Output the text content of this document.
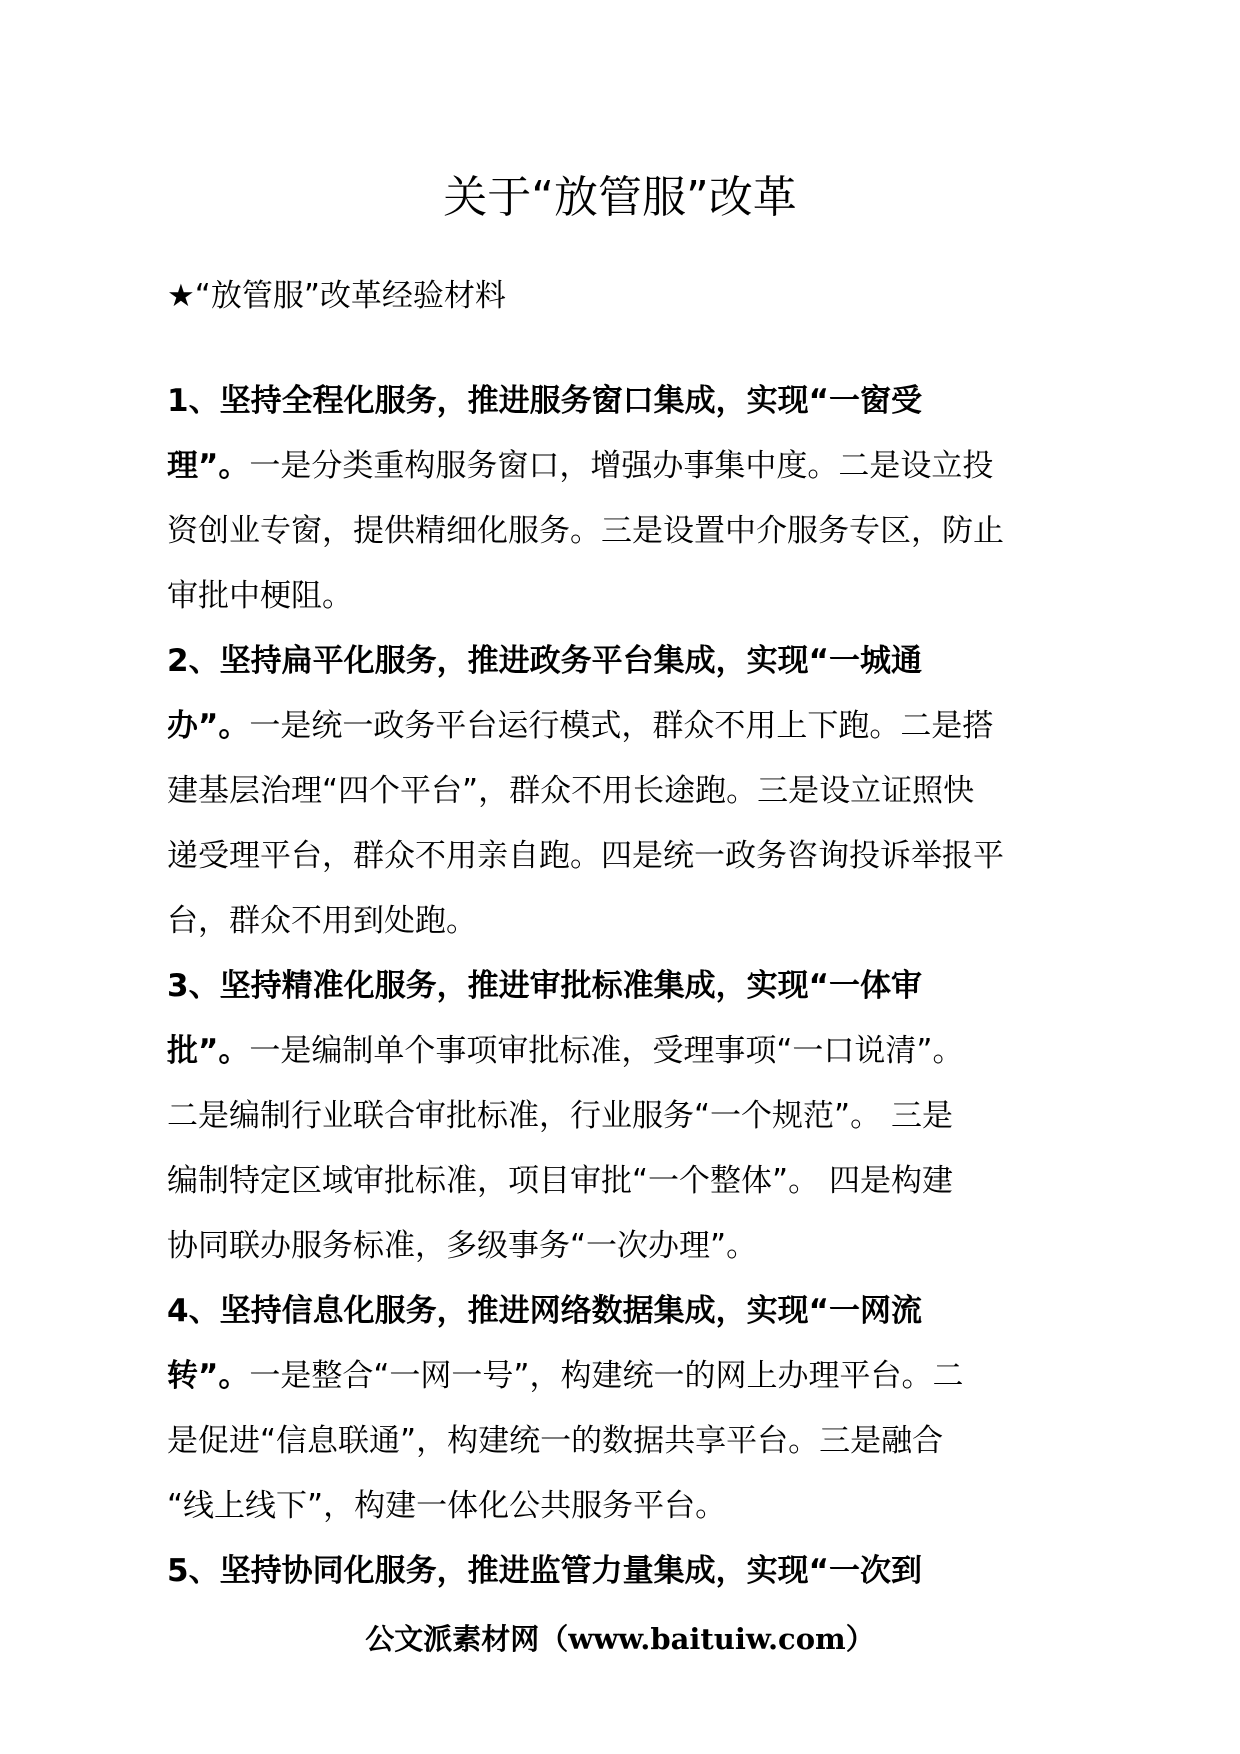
关于“放管服”改革
★“放管服”改革经验材料
1、坚持全程化服务，推进服务窗口集成，实现“一窗受
理”。一是分类重构服务窗口，增强办事集中度。二是设立投
资创业专窗，提供精细化服务。三是设置中介服务专区，防止
审批中梗阻。
2、坚持扁平化服务，推进政务平台集成，实现“一城通
办”。一是统一政务平台运行模式，群众不用上下跑。二是搭
建基层治理“四个平台”，群众不用长途跑。三是设立证照快
递受理平台，群众不用亲自跑。四是统一政务咨询投诉举报平
台，群众不用到处跑。
3、坚持精准化服务，推进审批标准集成，实现“一体审
批”。一是编制单个事项审批标准，受理事项“一口说清”。
二是编制行业联合审批标准，行业服务“一个规范”。 三是
编制特定区域审批标准，项目审批“一个整体”。 四是构建
协同联办服务标准，多级事务“一次办理”。
4、坚持信息化服务，推进网络数据集成，实现“一网流
转”。一是整合“一网一号”，构建统一的网上办理平台。二
是促进“信息联通”，构建统一的数据共享平台。三是融合
“线上线下”，构建一体化公共服务平台。
5、坚持协同化服务，推进监管力量集成，实现“一次到
公文派素材网（www.baituiw.com）
